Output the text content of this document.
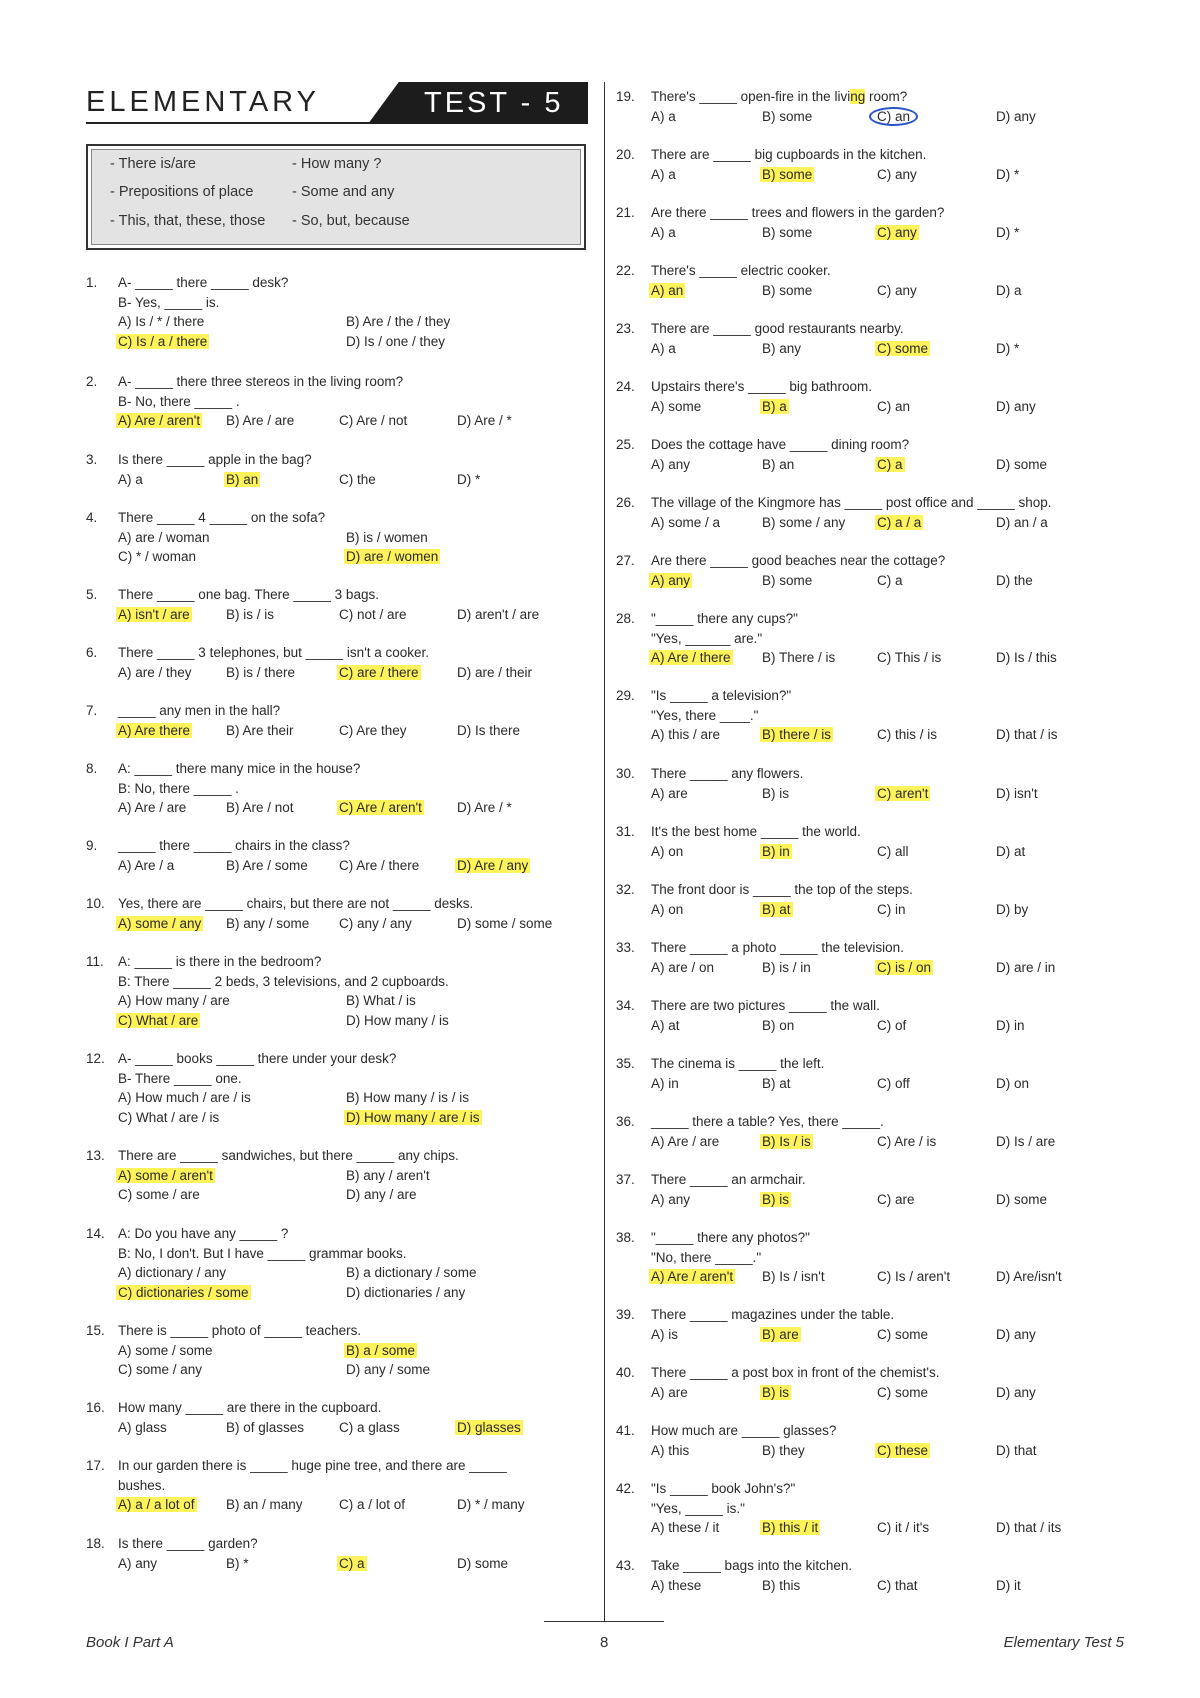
ELEMENTARY	TEST - 5
- There is/are	- How many ?
- Prepositions of place	- Some and any
- This, that, these, those - So, but, because
Book I Part A	8	Elementary Test 5
1. A- _____ there _____ desk?
B- Yes, _____ is.
A) Is / * / there	B) Are / the / they
C) Is / a / there	D) Is / one / they
2. A- _____ there three stereos in the living room?
B- No, there _____ .
A) Are / aren't B) Are / are	C) Are / not	D) Are / *
3. Is there _____ apple in the bag?
A) a	B) an	C) the	D) *
4. There _____ 4 _____ on the sofa?
A) are / woman	B) is / women
C) * / woman	D) are / women
5. There _____ one bag. There _____ 3 bags.
A) isn't / are	B) is / is	C) not / are	D) aren't / are
6. There _____ 3 telephones, but _____ isn't a cooker.
A) are / they	B) is / there	C) are / there	D) are / their
7. _____ any men in the hall?
A) Are there	B) Are their	C) Are they	D) Is there
8. A: _____ there many mice in the house?
B: No, there _____ .
A) Are / are	B) Are / not	C) Are / aren't	D) Are / *
9. _____ there _____ chairs in the class?
A) Are / a	B) Are / some C) Are / there	D) Are / any
10. Yes, there are _____ chairs, but there are not _____ desks.
A) some / any B) any / some C) any / any	D) some / some
11. A: _____ is there in the bedroom?
B: There _____ 2 beds, 3 televisions, and 2 cupboards.
A) How many / are	B) What / is
C) What / are	D) How many / is
12. A- _____ books _____ there under your desk?
B- There _____ one.
A) How much / are / is	B) How many / is / is
C) What / are / is	D) How many / are / is
13. There are _____ sandwiches, but there _____ any chips.
A) some / aren't	B) any / aren't
C) some / are	D) any / are
14. A: Do you have any _____ ?
B: No, I don't. But I have _____ grammar books.
A) dictionary / any	B) a dictionary / some
C) dictionaries / some	D) dictionaries / any
15. There is _____ photo of _____ teachers.
A) some / some	B) a / some
C) some / any	D) any / some
16. How many _____ are there in the cupboard.
A) glass	B) of glasses	C) a glass	D) glasses
17. In our garden there is _____ huge pine tree, and there are _____
bushes.
A) a / a lot of B) an / many	C) a / lot of	D) * / many
18. Is there _____ garden?
A) any	B) *	C) a	D) some
19. There's _____ open-fire in the living room?
A) a	B) some	C) an	D) any
20. There are _____ big cupboards in the kitchen.
A) a	B) some	C) any	D) *
21. Are there _____ trees and flowers in the garden?
A) a	B) some	C) any	D) *
22. There's _____ electric cooker.
A) an	B) some	C) any	D) a
23. There are _____ good restaurants nearby.
A) a	B) any	C) some	D) *
24. Upstairs there's _____ big bathroom.
A) some	B) a	C) an	D) any
25. Does the cottage have _____ dining room?
A) any	B) an	C) a	D) some
26. The village of the Kingmore has _____ post office and _____ shop.
A) some / a	B) some / any C) a / a	D) an / a
27. Are there _____ good beaches near the cottage?
A) any	B) some	C) a	D) the
28. "_____ there any cups?"
"Yes, ______ are."
A) Are / there B) There / is	C) This / is	D) Is / this
29. "Is _____ a television?"
"Yes, there ____."
A) this / are	B) there / is	C) this / is	D) that / is
30. There _____ any flowers.
A) are	B) is	C) aren't	D) isn't
31. It's the best home _____ the world.
A) on	B) in	C) all	D) at
32. The front door is _____ the top of the steps.
A) on	B) at	C) in	D) by
33. There _____ a photo _____ the television.
A) are / on	B) is / in	C) is / on	D) are / in
34. There are two pictures _____ the wall.
A) at	B) on	C) of	D) in
35. The cinema is _____ the left.
A) in	B) at	C) off	D) on
36. _____ there a table? Yes, there _____.
A) Are / are	B) Is / is	C) Are / is	D) Is / are
37. There _____ an armchair.
A) any	B) is	C) are	D) some
38. "_____ there any photos?"
"No, there _____."
A) Are / aren't B) Is / isn't	C) Is / aren't	D) Are/isn't
39. There _____ magazines under the table.
A) is	B) are	C) some	D) any
40. There _____ a post box in front of the chemist's.
A) are	B) is	C) some	D) any
41. How much are _____ glasses?
A) this	B) they	C) these	D) that
42. "Is _____ book John's?"
"Yes, _____ is."
A) these / it	B) this / it	C) it / it's	D) that / its
43. Take _____ bags into the kitchen.
A) these	B) this	C) that	D) it
